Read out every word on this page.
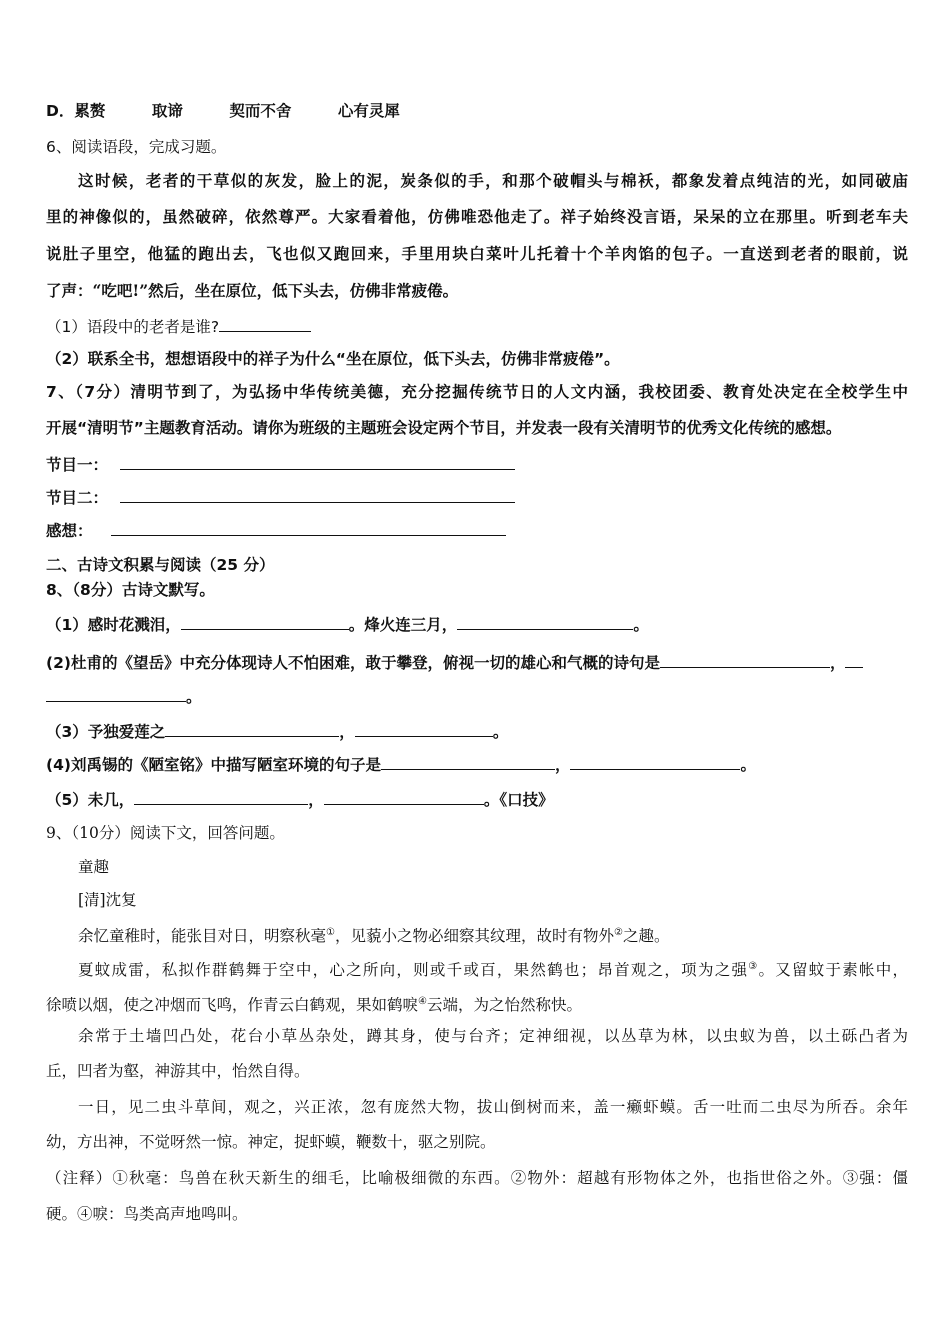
D．累赘　　　取谛　　　契而不舍　　　心有灵犀
6、阅读语段，完成习题。
这时候，老者的干草似的灰发，脸上的泥，炭条似的手，和那个破帽头与棉袄，都象发着点纯洁的光，如同破庙
里的神像似的，虽然破碎，依然尊严。大家看着他，仿佛唯恐他走了。祥子始终没言语，呆呆的立在那里。听到老车夫
说肚子里空，他猛的跑出去，飞也似又跑回来，手里用块白菜叶儿托着十个羊肉馅的包子。一直送到老者的眼前，说
了声：“吃吧!”然后，坐在原位，低下头去，仿佛非常疲倦。
（1）语段中的老者是谁?
（2）联系全书，想想语段中的祥子为什么“坐在原位，低下头去，仿佛非常疲倦”。
7、（7分）清明节到了，为弘扬中华传统美德，充分挖掘传统节日的人文内涵，我校团委、教育处决定在全校学生中
开展“清明节”主题教育活动。请你为班级的主题班会设定两个节目，并发表一段有关清明节的优秀文化传统的感想。
节目一：
节目二：
感想：
二、古诗文积累与阅读（25 分）
8、（8分）古诗文默写。
（1）感时花溅泪，	。烽火连三月，	。
(2)杜甫的《望岳》中充分体现诗人不怕困难，敢于攀登，俯视一切的雄心和气概的诗句是	，
。
（3）予独爱莲之	，	。
(4)刘禹锡的《陋室铭》中描写陋室环境的句子是	，	。
（5）未几，	，	。《口技》
9、（10分）阅读下文，回答问题。
童趣
[清]沈复
余忆童稚时，能张目对日，明察秋毫①，见藐小之物必细察其纹理，故时有物外②之趣。
夏蚊成雷，私拟作群鹤舞于空中，心之所向，则或千或百，果然鹤也；昂首观之，项为之强③。又留蚊于素帐中，
徐喷以烟，使之冲烟而飞鸣，作青云白鹤观，果如鹤唳④云端，为之怡然称快。
余常于土墙凹凸处，花台小草丛杂处，蹲其身，使与台齐；定神细视，以丛草为林，以虫蚁为兽，以土砾凸者为
丘，凹者为壑，神游其中，怡然自得。
一日，见二虫斗草间，观之，兴正浓，忽有庞然大物，拔山倒树而来，盖一癞虾蟆。舌一吐而二虫尽为所吞。余年
幼，方出神，不觉呀然一惊。神定，捉虾蟆，鞭数十，驱之别院。
（注释）①秋毫：鸟兽在秋天新生的细毛，比喻极细微的东西。②物外：超越有形物体之外，也指世俗之外。③强：僵
硬。④唳：鸟类高声地鸣叫。
